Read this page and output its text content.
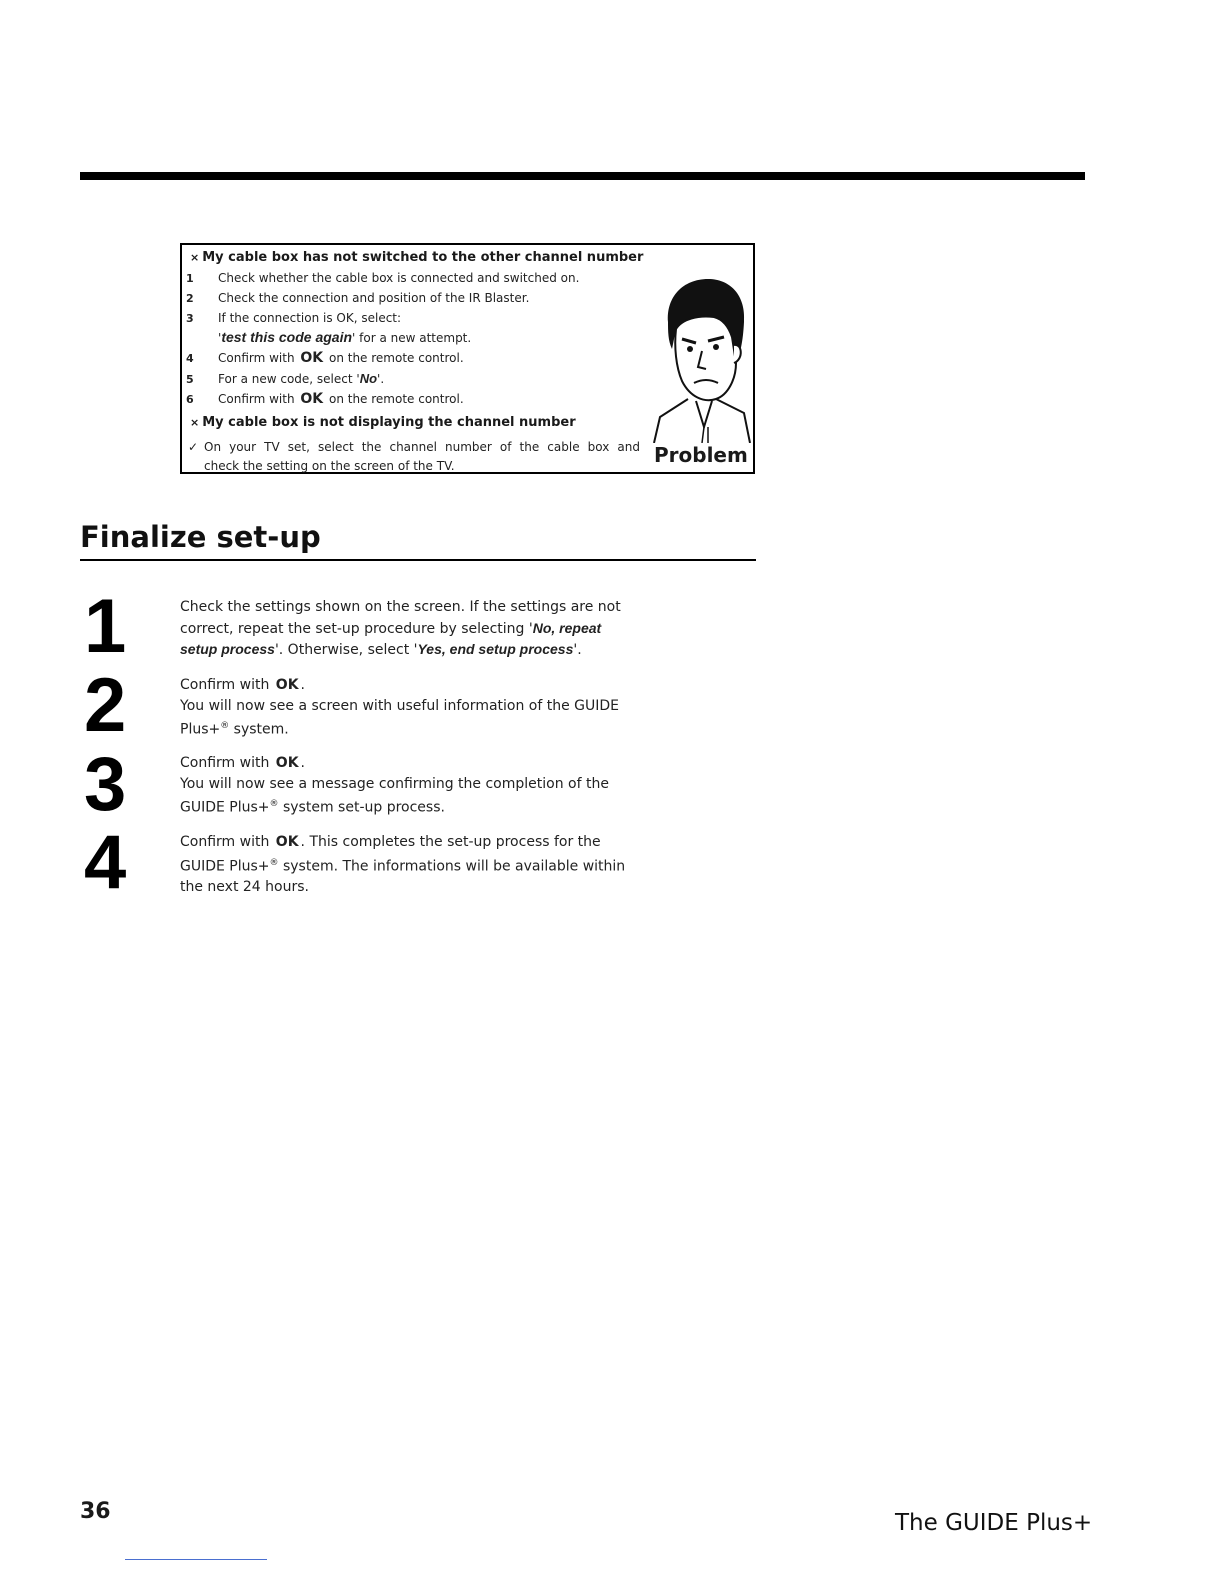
× My cable box has not switched to the other channel number
1 Check whether the cable box is connected and switched on.
2 Check the connection and position of the IR Blaster.
3 If the connection is OK, select:
'test this code again' for a new attempt.
4 Confirm with OK on the remote control.
5 For a new code, select 'No'.
6 Confirm with OK on the remote control.
× My cable box is not displaying the channel number
✓ On your TV set, select the channel number of the cable box and
check the setting on the screen of the TV.	Problem
Finalize set-up
1	Check the settings shown on the screen. If the settings are not correct, repeat the set-up procedure by selecting 'No, repeat setup process'. Otherwise, select 'Yes, end setup process'.

2	Confirm with OK .

You will now see a screen with useful information of the GUIDE Plus+® system.

3	Confirm with OK .

You will now see a message confirming the completion of the GUIDE Plus+® system set-up process.

4	Confirm with OK . This completes the set-up process for the GUIDE Plus+® system. The informations will be available within the next 24 hours.

36	The GUIDE Plus+
